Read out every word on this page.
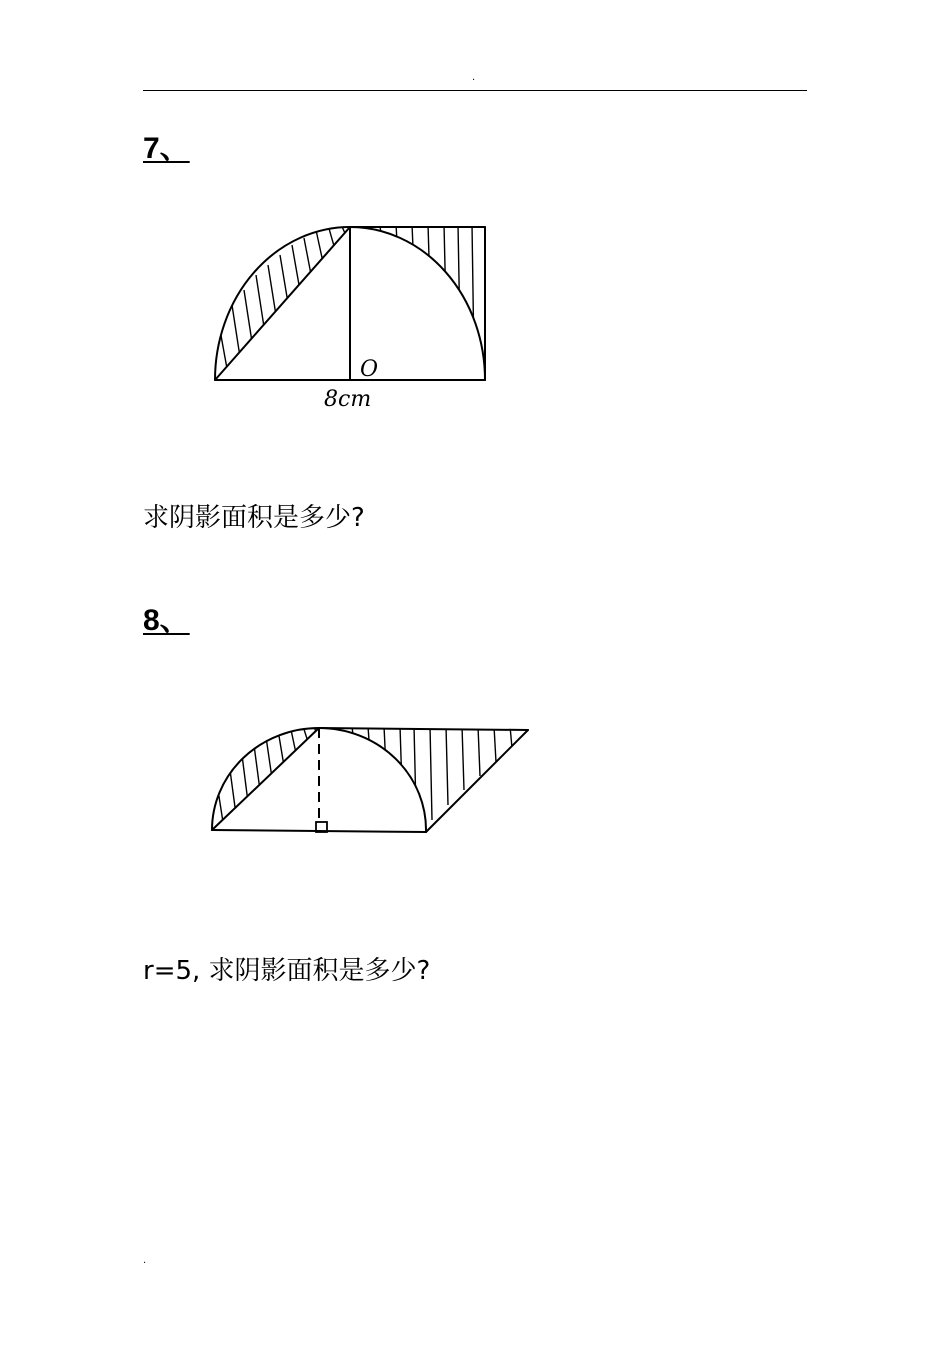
.
7、
O
8cm
求阴影面积是多少?
8、
r=5, 求阴影面积是多少?
.
